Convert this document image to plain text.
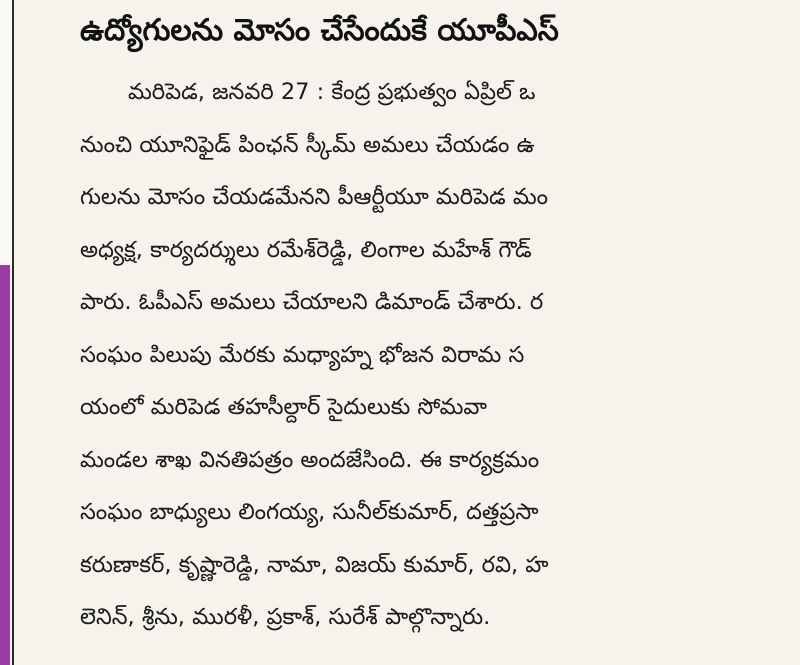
ఉద్యోగులను మోసం చేసేందుకే యూపీఎస్
మరిపెడ, జనవరి 27 : కేంద్ర ప్రభుత్వం ఏప్రిల్ ఒ
నుంచి యూనిఫైడ్ పింఛన్ స్కీమ్ అమలు చేయడం ఉ
గులను మోసం చేయడమేనని పీఆర్టీయూ మరిపెడ మం
అధ్యక్ష, కార్యదర్శులు రమేశ్‌రెడ్డి, లింగాల మహేశ్ గౌడ్
పారు. ఓపీఎస్ అమలు చేయాలని డిమాండ్ చేశారు. ర
సంఘం పిలుపు మేరకు మధ్యాహ్న భోజన విరామ స
యంలో మరిపెడ తహసీల్దార్ సైదులుకు సోమవా
మండల శాఖ వినతిపత్రం అందజేసింది. ఈ కార్యక్రమం
సంఘం బాధ్యులు లింగయ్య, సునీల్‌కుమార్, దత్తప్రసా
కరుణాకర్, కృష్ణారెడ్డి, నామా, విజయ్ కుమార్, రవి, హ
లెనిన్, శ్రీను, మురళీ, ప్రకాశ్, సురేశ్ పాల్గొన్నారు.
